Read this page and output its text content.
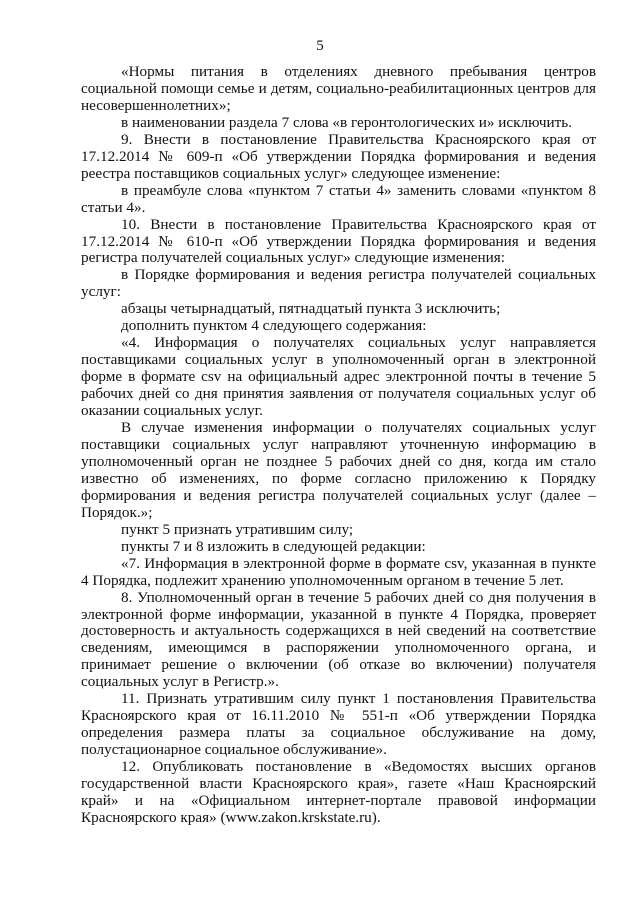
5

«Нормы питания в отделениях дневного пребывания центров социальной помощи семье и детям, социально-реабилитационных центров для несовершеннолетних»;

в наименовании раздела 7 слова «в геронтологических и» исключить.

9. Внести в постановление Правительства Красноярского края от 17.12.2014 № 609-п «Об утверждении Порядка формирования и ведения реестра поставщиков социальных услуг» следующее изменение:

в преамбуле слова «пунктом 7 статьи 4» заменить словами «пунктом 8 статьи 4».

10. Внести в постановление Правительства Красноярского края от 17.12.2014 № 610-п «Об утверждении Порядка формирования и ведения регистра получателей социальных услуг» следующие изменения:

в Порядке формирования и ведения регистра получателей социальных услуг:

абзацы четырнадцатый, пятнадцатый пункта 3 исключить;

дополнить пунктом 4 следующего содержания:

«4. Информация о получателях социальных услуг направляется поставщиками социальных услуг в уполномоченный орган в электронной форме в формате csv на официальный адрес электронной почты в течение 5 рабочих дней со дня принятия заявления от получателя социальных услуг об оказании социальных услуг.

В случае изменения информации о получателях социальных услуг поставщики социальных услуг направляют уточненную информацию в уполномоченный орган не позднее 5 рабочих дней со дня, когда им стало известно об изменениях, по форме согласно приложению к Порядку формирования и ведения регистра получателей социальных услуг (далее – Порядок.»;

пункт 5 признать утратившим силу;

пункты 7 и 8 изложить в следующей редакции:

«7. Информация в электронной форме в формате csv, указанная в пункте 4 Порядка, подлежит хранению уполномоченным органом в течение 5 лет.

8. Уполномоченный орган в течение 5 рабочих дней со дня получения в электронной форме информации, указанной в пункте 4 Порядка, проверяет достоверность и актуальность содержащихся в ней сведений на соответствие сведениям, имеющимся в распоряжении уполномоченного органа, и принимает решение о включении (об отказе во включении) получателя социальных услуг в Регистр.».

11. Признать утратившим силу пункт 1 постановления Правительства Красноярского края от 16.11.2010 № 551-п «Об утверждении Порядка определения размера платы за социальное обслуживание на дому, полустационарное социальное обслуживание».

12. Опубликовать постановление в «Ведомостях высших органов государственной власти Красноярского края», газете «Наш Красноярский край» и на «Официальном интернет-портале правовой информации Красноярского края» (www.zakon.krskstate.ru).
